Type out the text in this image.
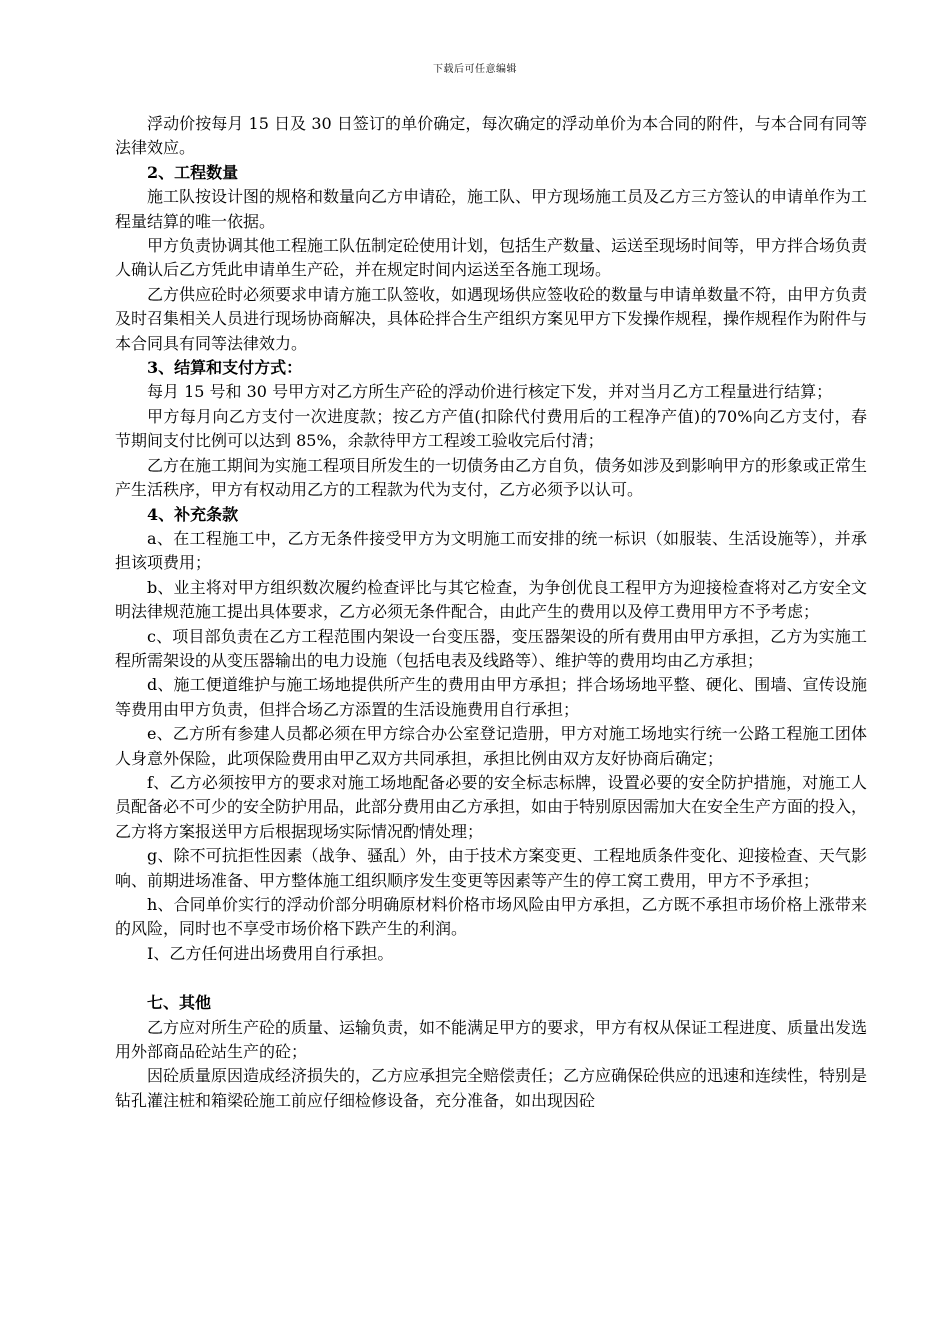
下载后可任意编辑
浮动价按每月 15 日及 30 日签订的单价确定，每次确定的浮动单价为本合同的附件，与本合同有同等法律效应。
2、工程数量
施工队按设计图的规格和数量向乙方申请砼，施工队、甲方现场施工员及乙方三方签认的申请单作为工程量结算的唯一依据。
甲方负责协调其他工程施工队伍制定砼使用计划，包括生产数量、运送至现场时间等，甲方拌合场负责人确认后乙方凭此申请单生产砼，并在规定时间内运送至各施工现场。
乙方供应砼时必须要求申请方施工队签收，如遇现场供应签收砼的数量与申请单数量不符，由甲方负责及时召集相关人员进行现场协商解决，具体砼拌合生产组织方案见甲方下发操作规程，操作规程作为附件与本合同具有同等法律效力。
3、结算和支付方式：
每月 15 号和 30 号甲方对乙方所生产砼的浮动价进行核定下发，并对当月乙方工程量进行结算；
甲方每月向乙方支付一次进度款；按乙方产值(扣除代付费用后的工程净产值)的70%向乙方支付，春节期间支付比例可以达到 85%，余款待甲方工程竣工验收完后付清；
乙方在施工期间为实施工程项目所发生的一切债务由乙方自负，债务如涉及到影响甲方的形象或正常生产生活秩序，甲方有权动用乙方的工程款为代为支付，乙方必须予以认可。
4、补充条款
a、在工程施工中，乙方无条件接受甲方为文明施工而安排的统一标识（如服装、生活设施等），并承担该项费用；
b、业主将对甲方组织数次履约检查评比与其它检查，为争创优良工程甲方为迎接检查将对乙方安全文明法律规范施工提出具体要求，乙方必须无条件配合，由此产生的费用以及停工费用甲方不予考虑；
c、项目部负责在乙方工程范围内架设一台变压器，变压器架设的所有费用由甲方承担，乙方为实施工程所需架设的从变压器输出的电力设施（包括电表及线路等）、维护等的费用均由乙方承担；
d、施工便道维护与施工场地提供所产生的费用由甲方承担；拌合场场地平整、硬化、围墙、宣传设施等费用由甲方负责，但拌合场乙方添置的生活设施费用自行承担；
e、乙方所有参建人员都必须在甲方综合办公室登记造册，甲方对施工场地实行统一公路工程施工团体人身意外保险，此项保险费用由甲乙双方共同承担，承担比例由双方友好协商后确定；
f、乙方必须按甲方的要求对施工场地配备必要的安全标志标牌，设置必要的安全防护措施，对施工人员配备必不可少的安全防护用品，此部分费用由乙方承担，如由于特别原因需加大在安全生产方面的投入，乙方将方案报送甲方后根据现场实际情况酌情处理；
g、除不可抗拒性因素（战争、骚乱）外，由于技术方案变更、工程地质条件变化、迎接检查、天气影响、前期进场准备、甲方整体施工组织顺序发生变更等因素等产生的停工窝工费用，甲方不予承担；
h、合同单价实行的浮动价部分明确原材料价格市场风险由甲方承担，乙方既不承担市场价格上涨带来的风险，同时也不享受市场价格下跌产生的利润。
I、乙方任何进出场费用自行承担。
七、其他
乙方应对所生产砼的质量、运输负责，如不能满足甲方的要求，甲方有权从保证工程进度、质量出发选用外部商品砼站生产的砼；
因砼质量原因造成经济损失的，乙方应承担完全赔偿责任；乙方应确保砼供应的迅速和连续性，特别是钻孔灌注桩和箱梁砼施工前应仔细检修设备，充分准备，如出现因砼
